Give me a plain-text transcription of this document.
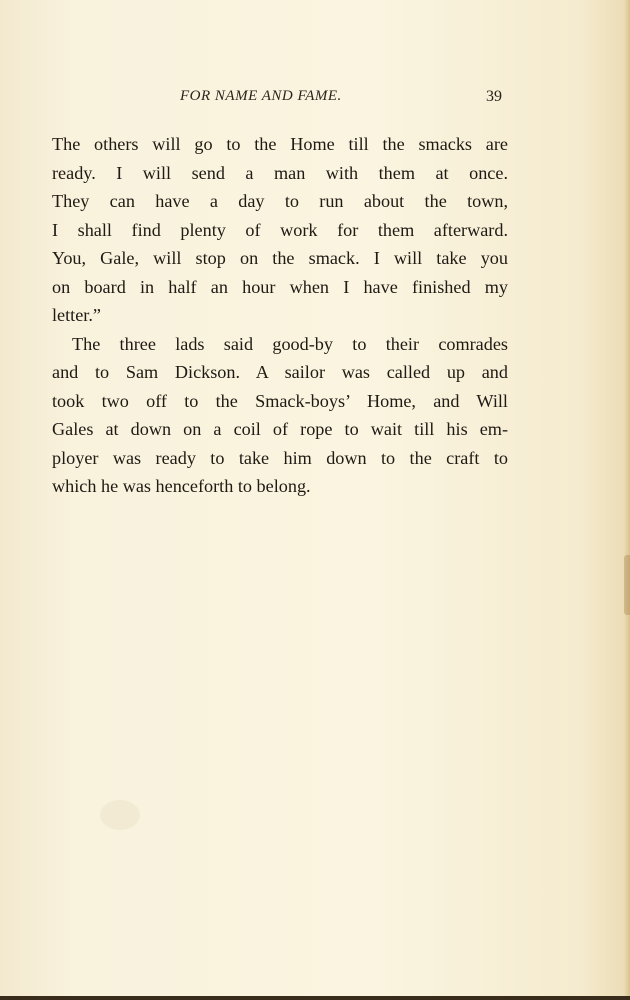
FOR NAME AND FAME.	39
The others will go to the Home till the smacks are
ready. I will send a man with them at once.
They can have a day to run about the town,
I shall find plenty of work for them afterward.
You, Gale, will stop on the smack. I will take you
on board in half an hour when I have finished my
letter.”
The three lads said good-by to their comrades
and to Sam Dickson. A sailor was called up and
took two off to the Smack-boys’ Home, and Will
Gales at down on a coil of rope to wait till his em-
ployer was ready to take him down to the craft to
which he was henceforth to belong.
